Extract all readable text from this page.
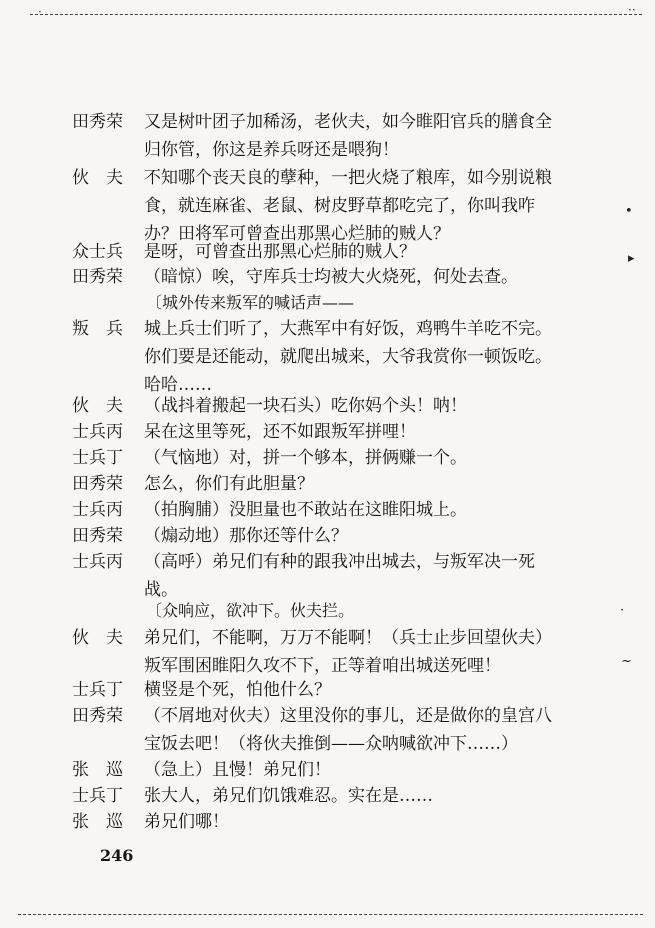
‧	··
田秀荣	又是树叶团子加稀汤，老伙夫，如今睢阳官兵的膳食全
归你管，你这是养兵呀还是喂狗！
伙　夫	不知哪个丧天良的孽种，一把火烧了粮库，如今别说粮
食，就连麻雀、老鼠、树皮野草都吃完了，你叫我咋
办？田将军可曾查出那黑心烂肺的贼人？
众士兵	是呀，可曾查出那黑心烂肺的贼人？
田秀荣	（暗惊）唉，守库兵士均被大火烧死，何处去查。
〔城外传来叛军的喊话声——
叛　兵	城上兵士们听了，大燕军中有好饭，鸡鸭牛羊吃不完。
你们要是还能动，就爬出城来，大爷我赏你一顿饭吃。
哈哈……
伙　夫	（战抖着搬起一块石头）吃你妈个头！呐！
士兵丙	呆在这里等死，还不如跟叛军拼哩！
士兵丁	（气恼地）对，拼一个够本，拼俩赚一个。
田秀荣	怎么，你们有此胆量？
士兵丙	（拍胸脯）没胆量也不敢站在这睢阳城上。
田秀荣	（煽动地）那你还等什么？
士兵丙	（高呼）弟兄们有种的跟我冲出城去，与叛军决一死
战。
〔众响应，欲冲下。伙夫拦。
伙　夫	弟兄们，不能啊，万万不能啊！（兵士止步回望伙夫）
叛军围困睢阳久攻不下，正等着咱出城送死哩！
士兵丁	横竖是个死，怕他什么？
田秀荣	（不屑地对伙夫）这里没你的事儿，还是做你的皇宫八
宝饭去吧！（将伙夫推倒——众呐喊欲冲下……）
张　巡	（急上）且慢！弟兄们！
士兵丁	张大人，弟兄们饥饿难忍。实在是……
张　巡	弟兄们哪！
•
▸
·
~
246
